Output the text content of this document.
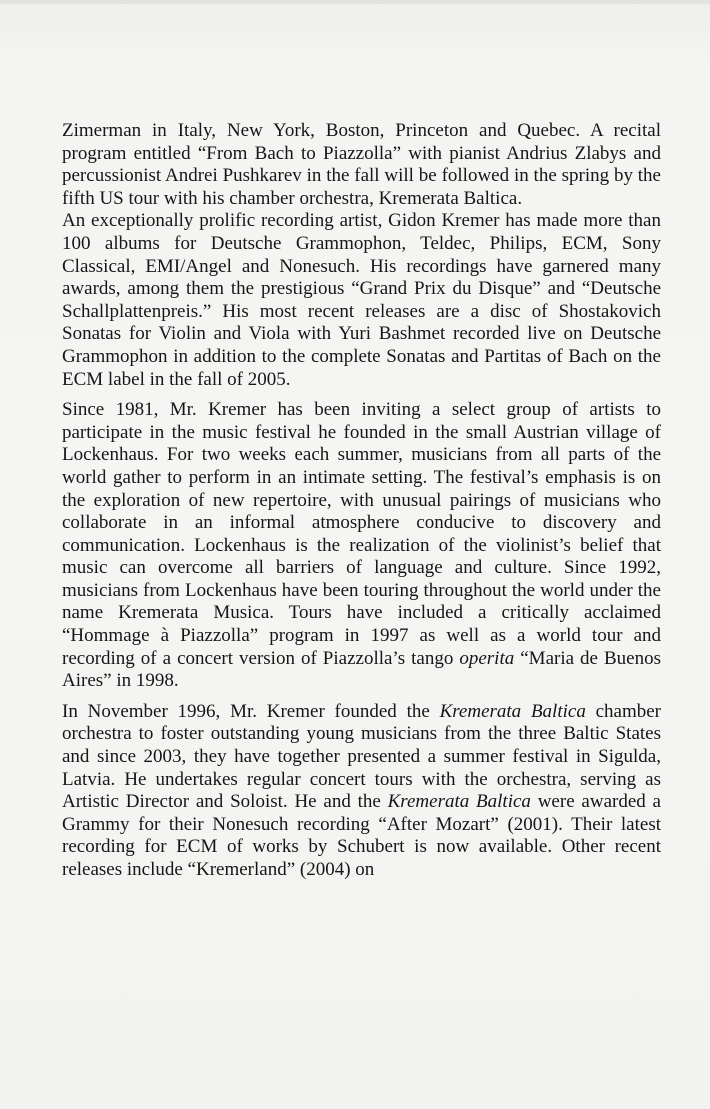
Zimerman in Italy, New York, Boston, Princeton and Quebec. A recital program entitled “From Bach to Piazzolla” with pianist Andrius Zlabys and percussionist Andrei Pushkarev in the fall will be followed in the spring by the fifth US tour with his chamber orchestra, Kremerata Baltica.

An exceptionally prolific recording artist, Gidon Kremer has made more than 100 albums for Deutsche Grammophon, Teldec, Philips, ECM, Sony Classical, EMI/Angel and Nonesuch. His recordings have garnered many awards, among them the prestigious “Grand Prix du Disque” and “Deutsche Schallplattenpreis.” His most recent releases are a disc of Shostakovich Sonatas for Violin and Viola with Yuri Bashmet recorded live on Deutsche Grammophon in addition to the complete Sonatas and Partitas of Bach on the ECM label in the fall of 2005.

Since 1981, Mr. Kremer has been inviting a select group of artists to participate in the music festival he founded in the small Austrian village of Lockenhaus. For two weeks each summer, musicians from all parts of the world gather to perform in an intimate setting. The festival’s emphasis is on the exploration of new repertoire, with unusual pairings of musicians who collaborate in an informal atmosphere conducive to discovery and communication. Lockenhaus is the realization of the violinist’s belief that music can overcome all barriers of language and culture. Since 1992, musicians from Lockenhaus have been touring throughout the world under the name Kremerata Musica. Tours have included a critically acclaimed “Hommage à Piazzolla” program in 1997 as well as a world tour and recording of a concert version of Piazzolla’s tango operita “Maria de Buenos Aires” in 1998.

In November 1996, Mr. Kremer founded the Kremerata Baltica chamber orchestra to foster outstanding young musicians from the three Baltic States and since 2003, they have together presented a summer festival in Sigulda, Latvia. He undertakes regular concert tours with the orchestra, serving as Artistic Director and Soloist. He and the Kremerata Baltica were awarded a Grammy for their Nonesuch recording “After Mozart” (2001). Their latest recording for ECM of works by Schubert is now available. Other recent releases include “Kremerland” (2004) on
